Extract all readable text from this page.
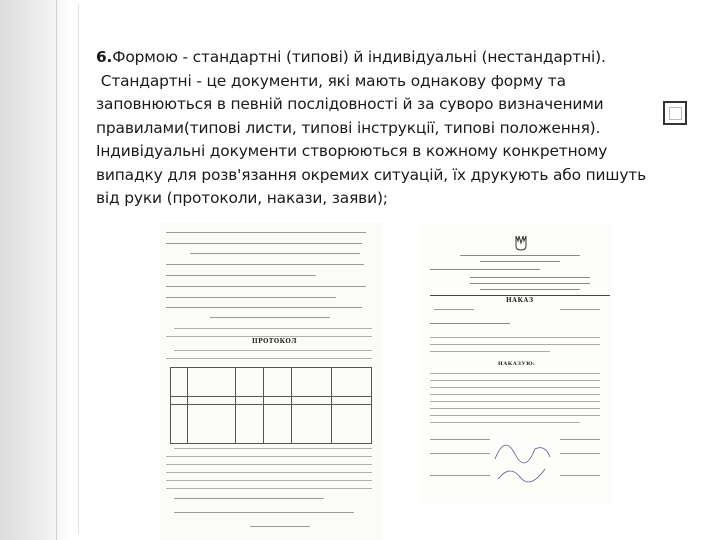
6.Формою - стандартні (типові) й індивідуальні (нестандартні).
Стандартні - це документи, які мають однакову форму та
заповнюються в певній послідовності й за суворо визначеними
правилами(типові листи, типові інструкції, типові положення).
Індивідуальні документи створюються в кожному конкретному
випадку для розв'язання окремих ситуацій, їх друкують або пишуть
від руки (протоколи, накази, заяви);
ПРОТОКОЛ
НАКАЗ
НАКАЗУЮ:
